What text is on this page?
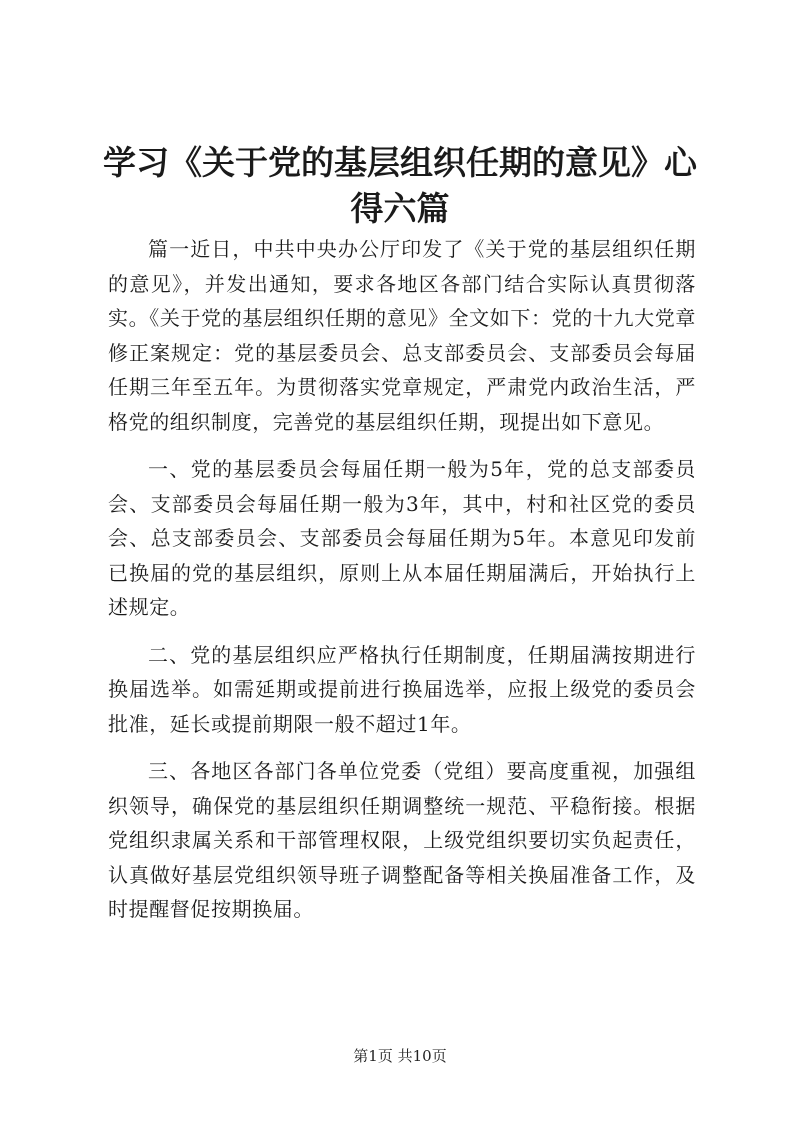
学习《关于党的基层组织任期的意见》心得六篇

篇一近日，中共中央办公厅印发了《关于党的基层组织任期的意见》，并发出通知，要求各地区各部门结合实际认真贯彻落实。《关于党的基层组织任期的意见》全文如下：党的十九大党章修正案规定：党的基层委员会、总支部委员会、支部委员会每届任期三年至五年。为贯彻落实党章规定，严肃党内政治生活，严格党的组织制度，完善党的基层组织任期，现提出如下意见。

一、党的基层委员会每届任期一般为5年，党的总支部委员会、支部委员会每届任期一般为3年，其中，村和社区党的委员会、总支部委员会、支部委员会每届任期为5年。本意见印发前已换届的党的基层组织，原则上从本届任期届满后，开始执行上述规定。

二、党的基层组织应严格执行任期制度，任期届满按期进行换届选举。如需延期或提前进行换届选举，应报上级党的委员会批准，延长或提前期限一般不超过1年。

三、各地区各部门各单位党委（党组）要高度重视，加强组织领导，确保党的基层组织任期调整统一规范、平稳衔接。根据党组织隶属关系和干部管理权限，上级党组织要切实负起责任，认真做好基层党组织领导班子调整配备等相关换届准备工作，及时提醒督促按期换届。

第1页 共10页
